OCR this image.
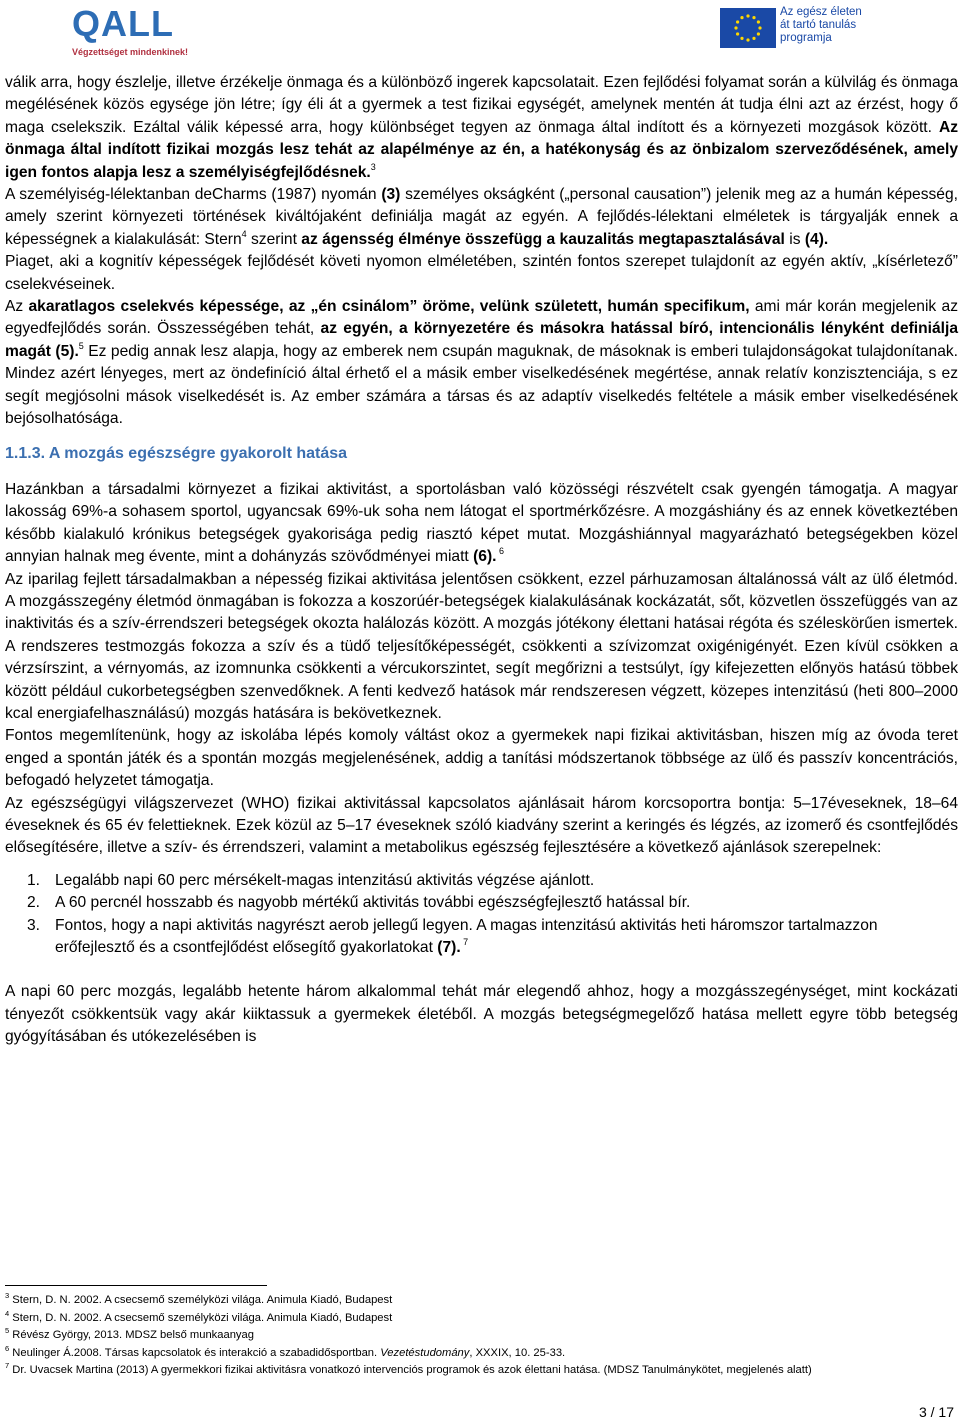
QALL
Végzettséget mindenkinek!
Az egész életen
át tartó tanulás
programja

válik arra, hogy észlelje, illetve érzékelje önmaga és a különböző ingerek kapcsolatait. Ezen fejlődési folyamat során a külvilág és önmaga megélésének közös egysége jön létre; így éli át a gyermek a test fizikai egységét, amelynek mentén át tudja élni azt az érzést, hogy ő maga cselekszik. Ezáltal válik képessé arra, hogy különbséget tegyen az önmaga által indított és a környezeti mozgások között. Az önmaga által indított fizikai mozgás lesz tehát az alapélménye az én, a hatékonyság és az önbizalom szerveződésének, amely igen fontos alapja lesz a személyiségfejlődésnek.$^3$

A személyiség-lélektanban deCharms (1987) nyomán (3) személyes okságként („personal causation”) jelenik meg az a humán képesség, amely szerint környezeti történések kiváltójaként definiálja magát az egyén. A fejlődés-lélektani elméletek is tárgyalják ennek a képességnek a kialakulását: Stern$^4$ szerint az ágensség élménye összefügg a kauzalitás megtapasztalásával is (4).

Piaget, aki a kognitív képességek fejlődését követi nyomon elméletében, szintén fontos szerepet tulajdonít az egyén aktív, „kísérletező” cselekvéseinek.

Az akaratlagos cselekvés képessége, az „én csinálom” öröme, velünk született, humán specifikum, ami már korán megjelenik az egyedfejlődés során. Összességében tehát, az egyén, a környezetére és másokra hatással bíró, intencionális lényként definiálja magát (5).$^5$ Ez pedig annak lesz alapja, hogy az emberek nem csupán maguknak, de másoknak is emberi tulajdonságokat tulajdonítanak. Mindez azért lényeges, mert az öndefiníció által érhető el a másik ember viselkedésének megértése, annak relatív konzisztenciája, s ez segít megjósolni mások viselkedését is. Az ember számára a társas és az adaptív viselkedés feltétele a másik ember viselkedésének bejósolhatósága.

1.1.3. A mozgás egészségre gyakorolt hatása

Hazánkban a társadalmi környezet a fizikai aktivitást, a sportolásban való közösségi részvételt csak gyengén támogatja. A magyar lakosság 69%-a sohasem sportol, ugyancsak 69%-uk soha nem látogat el sportmérkőzésre. A mozgáshiány és az ennek következtében később kialakuló krónikus betegségek gyakorisága pedig riasztó képet mutat. Mozgáshiánnyal magyarázható betegségekben közel annyian halnak meg évente, mint a dohányzás szövődményei miatt (6). $^6$

Az iparilag fejlett társadalmakban a népesség fizikai aktivitása jelentősen csökkent, ezzel párhuzamosan általánossá vált az ülő életmód. A mozgásszegény életmód önmagában is fokozza a koszorúér-betegségek kialakulásának kockázatát, sőt, közvetlen összefüggés van az inaktivitás és a szív-érrendszeri betegségek okozta halálozás között. A mozgás jótékony élettani hatásai régóta és széleskörűen ismertek. A rendszeres testmozgás fokozza a szív és a tüdő teljesítőképességét, csökkenti a szívizomzat oxigénigényét. Ezen kívül csökken a vérzsírszint, a vérnyomás, az izomnunka csökkenti a vércukorszintet, segít megőrizni a testsúlyt, így kifejezetten előnyös hatású többek között például cukorbetegségben szenvedőknek. A fenti kedvező hatások már rendszeresen végzett, közepes intenzitású (heti 800–2000 kcal energiafelhasználású) mozgás hatására is bekövetkeznek.

Fontos megemlítenünk, hogy az iskolába lépés komoly váltást okoz a gyermekek napi fizikai aktivitásban, hiszen míg az óvoda teret enged a spontán játék és a spontán mozgás megjelenésének, addig a tanítási módszertanok többsége az ülő és passzív koncentrációs, befogadó helyzetet támogatja.

Az egészségügyi világszervezet (WHO) fizikai aktivitással kapcsolatos ajánlásait három korcsoportra bontja: 5–17éveseknek, 18–64 éveseknek és 65 év felettieknek. Ezek közül az 5–17 éveseknek szóló kiadvány szerint a keringés és légzés, az izomerő és csontfejlődés elősegítésére, illetve a szív- és érrendszeri, valamint a metabolikus egészség fejlesztésére a következő ajánlások szerepelnek:

1. Legalább napi 60 perc mérsékelt-magas intenzitású aktivitás végzése ajánlott.
2. A 60 percnél hosszabb és nagyobb mértékű aktivitás további egészségfejlesztő hatással bír.
3. Fontos, hogy a napi aktivitás nagyrészt aerob jellegű legyen. A magas intenzitású aktivitás heti háromszor tartalmazzon erőfejlesztő és a csontfejlődést elősegítő gyakorlatokat (7). $^7$

A napi 60 perc mozgás, legalább hetente három alkalommal tehát már elegendő ahhoz, hogy a mozgásszegénységet, mint kockázati tényezőt csökkentsük vagy akár kiiktassuk a gyermekek életéből. A mozgás betegségmegelőző hatása mellett egyre több betegség gyógyításában és utókezelésében is

$^3$ Stern, D. N. 2002. A csecsemő személyközi világa. Animula Kiadó, Budapest
$^4$ Stern, D. N. 2002. A csecsemő személyközi világa. Animula Kiadó, Budapest
$^5$ Révész György, 2013. MDSZ belső munkaanyag
$^6$ Neulinger Á.2008. Társas kapcsolatok és interakció a szabadidősportban. Vezetéstudomány, XXXIX, 10. 25-33.
$^7$ Dr. Uvacsek Martina (2013) A gyermekkori fizikai aktivitásra vonatkozó intervenciós programok és azok élettani hatása. (MDSZ Tanulmánykötet, megjelenés alatt)
3 / 17
